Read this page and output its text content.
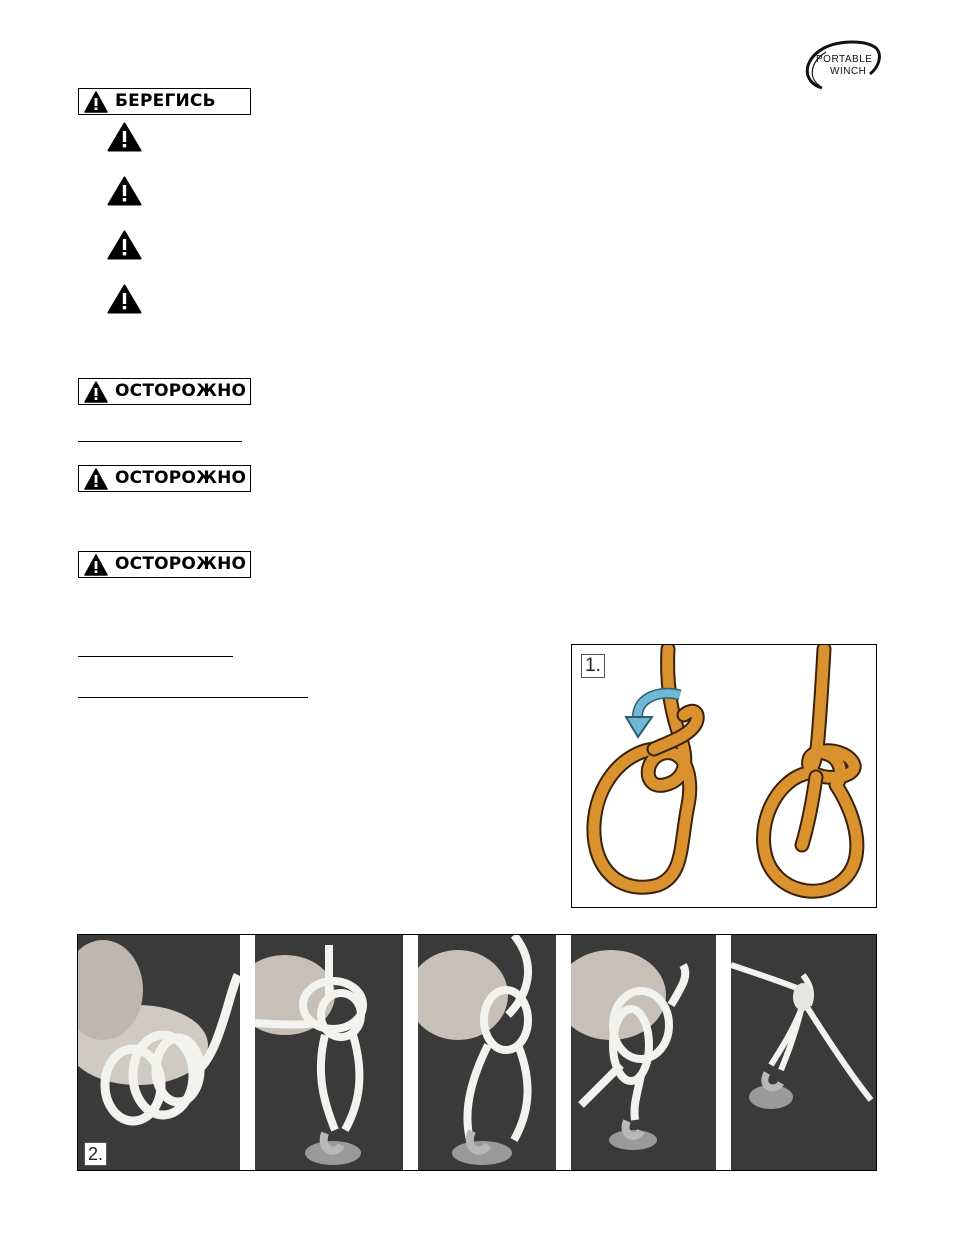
PORTABLE
WINCH
БЕРЕГИСЬ
ОСТОРОЖНО
ОСТОРОЖНО
ОСТОРОЖНО
1.
2.
